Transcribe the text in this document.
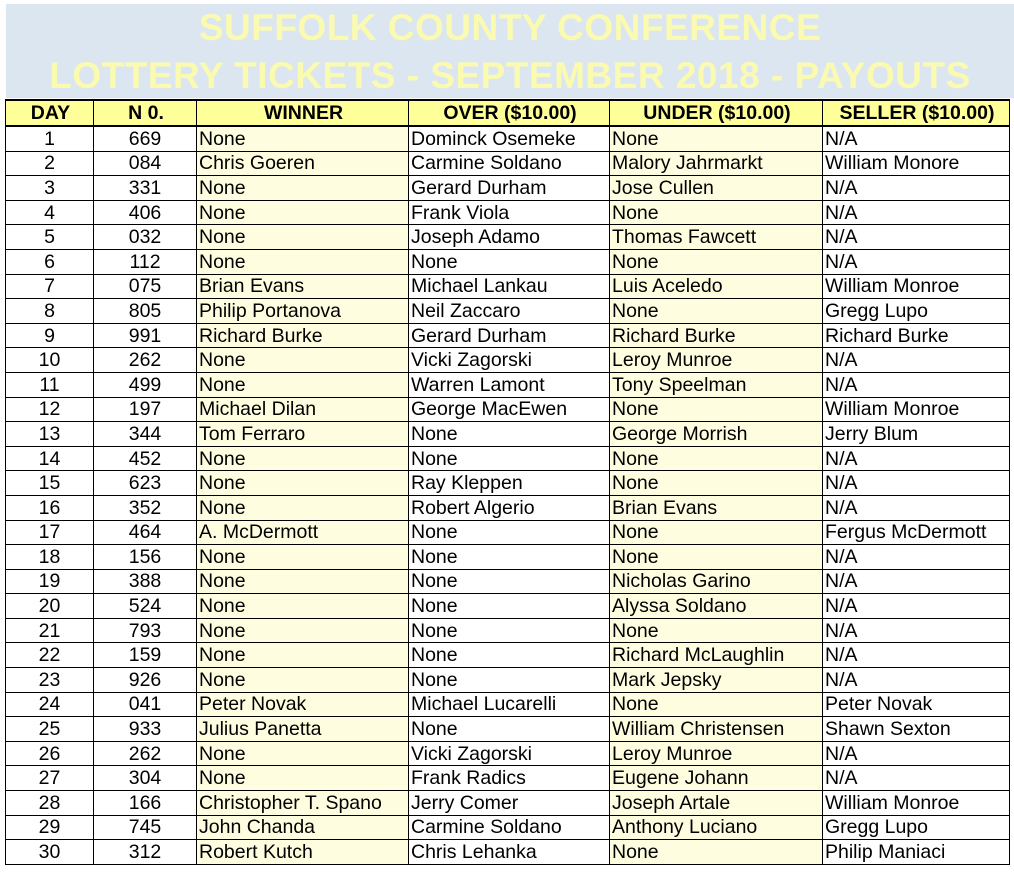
SUFFOLK COUNTY CONFERENCE
LOTTERY TICKETS - SEPTEMBER 2018 - PAYOUTS
DAY	N 0.	WINNER	OVER ($10.00)	UNDER ($10.00)	SELLER ($10.00)
1	669	None	Dominck Osemeke	None	N/A
2	084	Chris Goeren	Carmine Soldano	Malory Jahrmarkt	William Monore
3	331	None	Gerard Durham	Jose Cullen	N/A
4	406	None	Frank Viola	None	N/A
5	032	None	Joseph Adamo	Thomas Fawcett	N/A
6	112	None	None	None	N/A
7	075	Brian Evans	Michael Lankau	Luis Aceledo	William Monroe
8	805	Philip Portanova	Neil Zaccaro	None	Gregg Lupo
9	991	Richard Burke	Gerard Durham	Richard Burke	Richard Burke
10	262	None	Vicki Zagorski	Leroy Munroe	N/A
11	499	None	Warren Lamont	Tony Speelman	N/A
12	197	Michael Dilan	George MacEwen	None	William Monroe
13	344	Tom Ferraro	None	George Morrish	Jerry Blum
14	452	None	None	None	N/A
15	623	None	Ray Kleppen	None	N/A
16	352	None	Robert Algerio	Brian Evans	N/A
17	464	A. McDermott	None	None	Fergus McDermott
18	156	None	None	None	N/A
19	388	None	None	Nicholas Garino	N/A
20	524	None	None	Alyssa Soldano	N/A
21	793	None	None	None	N/A
22	159	None	None	Richard McLaughlin	N/A
23	926	None	None	Mark Jepsky	N/A
24	041	Peter Novak	Michael Lucarelli	None	Peter Novak
25	933	Julius Panetta	None	William Christensen	Shawn Sexton
26	262	None	Vicki Zagorski	Leroy Munroe	N/A
27	304	None	Frank Radics	Eugene Johann	N/A
28	166	Christopher T. Spano	Jerry Comer	Joseph Artale	William Monroe
29	745	John Chanda	Carmine Soldano	Anthony Luciano	Gregg Lupo
30	312	Robert Kutch	Chris Lehanka	None	Philip Maniaci
